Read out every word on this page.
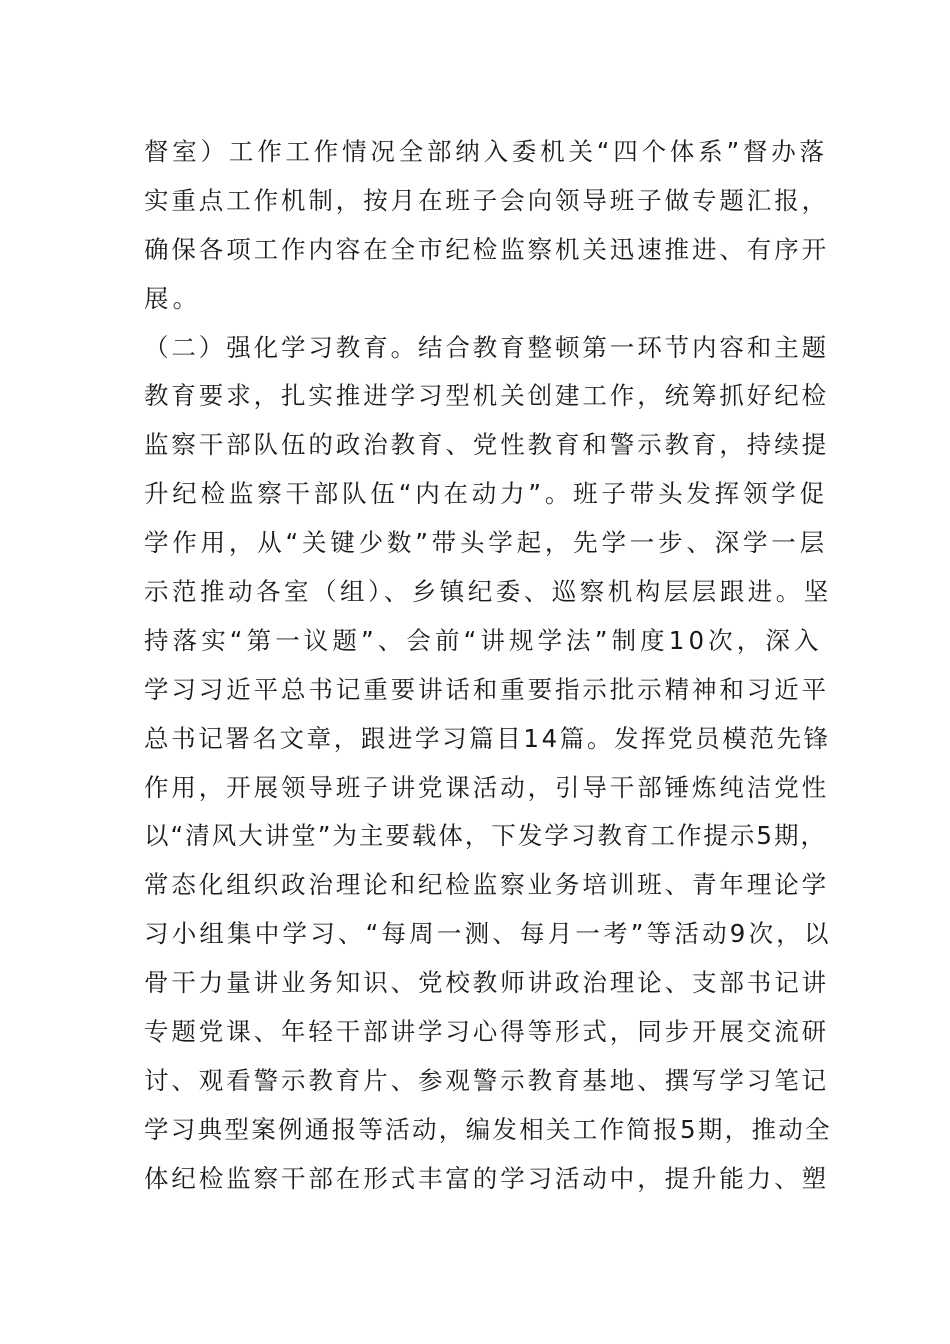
督室）工作工作情况全部纳入委机关“四个体系”督办落
实重点工作机制，按月在班子会向领导班子做专题汇报，
确保各项工作内容在全市纪检监察机关迅速推进、有序开
展。
（二）强化学习教育。结合教育整顿第一环节内容和主题
教育要求，扎实推进学习型机关创建工作，统筹抓好纪检
监察干部队伍的政治教育、党性教育和警示教育，持续提
升纪检监察干部队伍“内在动力”。班子带头发挥领学促
学作用，从“关键少数”带头学起，先学一步、深学一层
示范推动各室（组）、乡镇纪委、巡察机构层层跟进。坚
持落实“第一议题”、会前“讲规学法”制度10次，深入
学习习近平总书记重要讲话和重要指示批示精神和习近平
总书记署名文章，跟进学习篇目14篇。发挥党员模范先锋
作用，开展领导班子讲党课活动，引导干部锤炼纯洁党性
以“清风大讲堂”为主要载体，下发学习教育工作提示5期，
常态化组织政治理论和纪检监察业务培训班、青年理论学
习小组集中学习、“每周一测、每月一考”等活动9次，以
骨干力量讲业务知识、党校教师讲政治理论、支部书记讲
专题党课、年轻干部讲学习心得等形式，同步开展交流研
讨、观看警示教育片、参观警示教育基地、撰写学习笔记
学习典型案例通报等活动，编发相关工作简报5期，推动全
体纪检监察干部在形式丰富的学习活动中，提升能力、塑
